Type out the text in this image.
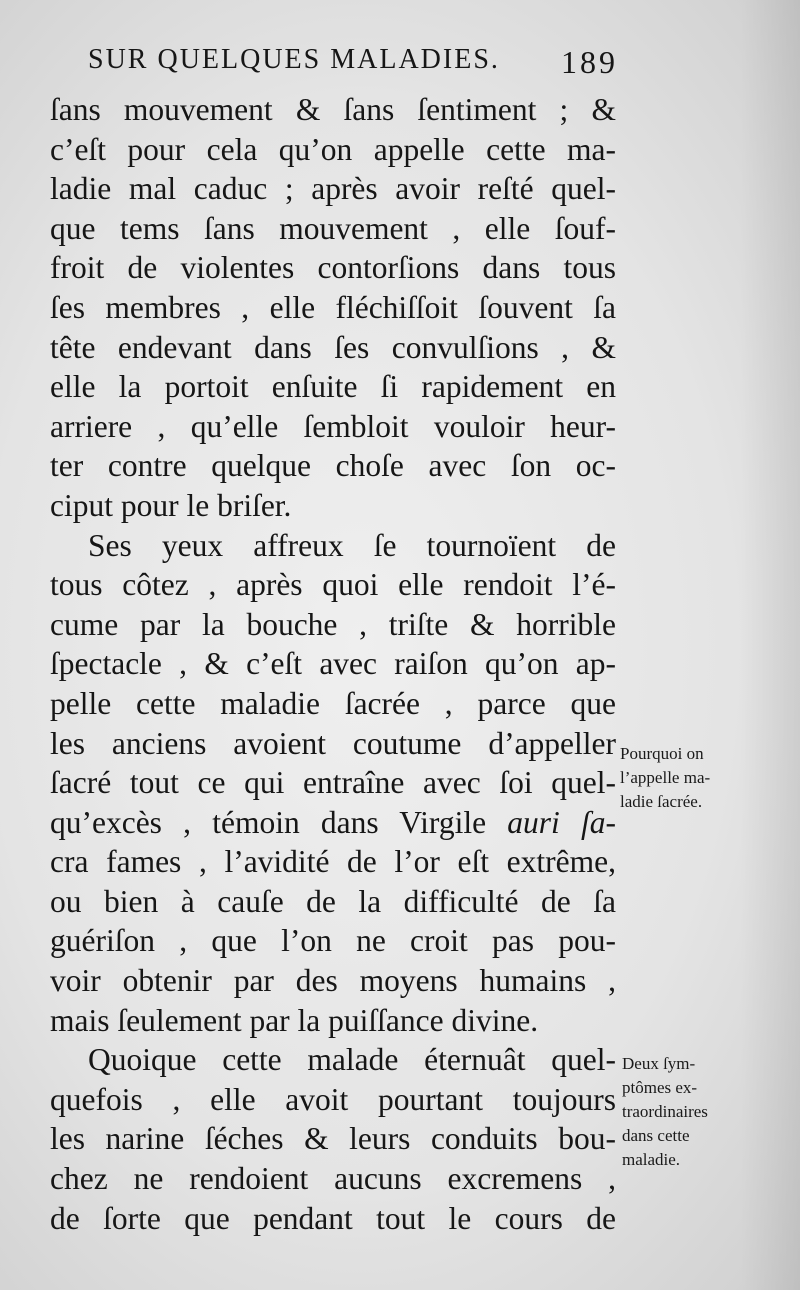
SUR QUELQUES MALADIES. 189
ſans mouvement & ſans ſentiment ; &
c’eſt pour cela qu’on appelle cette ma-
ladie mal caduc ; après avoir reſté quel-
que tems ſans mouvement , elle ſouf-
froit de violentes contorſions dans tous
ſes membres , elle fléchiſſoit ſouvent ſa
tête endevant dans ſes convulſions , &
elle la portoit enſuite ſi rapidement en
arriere , qu’elle ſembloit vouloir heur-
ter contre quelque choſe avec ſon oc-
ciput pour le briſer.
Ses yeux affreux ſe tournoïent de
tous côtez , après quoi elle rendoit l’é-
cume par la bouche , triſte & horrible
ſpectacle , & c’eſt avec raiſon qu’on ap-
pelle cette maladie ſacrée , parce que
les anciens avoient coutume d’appeller
ſacré tout ce qui entraîne avec ſoi quel-
qu’excès , témoin dans Virgile auri ſa-
cra fames , l’avidité de l’or eſt extrême,
ou bien à cauſe de la difficulté de ſa
guériſon , que l’on ne croit pas pou-
voir obtenir par des moyens humains ,
mais ſeulement par la puiſſance divine.
Quoique cette malade éternuât quel-
quefois , elle avoit pourtant toujours
les narine ſéches & leurs conduits bou-
chez ne rendoient aucuns excremens ,
de ſorte que pendant tout le cours de
Pourquoi on
l’appelle ma-
ladie ſacrée.
Deux ſym-
ptômes ex-
traordinaires
dans cette
maladie.
